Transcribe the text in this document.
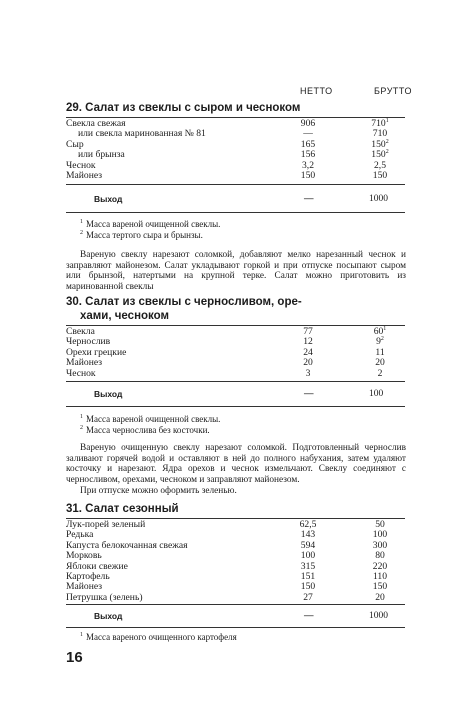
НЕТТО	БРУТТО
29. Салат из свеклы с сыром и чесноком
Свекла свежая	906	$710^1$
или свекла маринованная № 81	—	710
Сыр	165	$150^2$
или брынза	156	$150^2$
Чеснок	3,2	2,5
Майонез	150	150
Выход	—	1000
$^1$ Масса вареной очищенной свеклы.
$^2$ Масса тертого сыра и брынзы.
Вареную свеклу нарезают соломкой, добавляют мелко нарезанный чеснок и заправляют майонезом. Салат укладывают горкой и при отпуске посыпают сыром или брынзой, натертыми на крупной терке. Салат можно приготовить из маринованной свеклы
30. Салат из свеклы с черносливом, оре-
хами, чесноком
Свекла	77	$60^1$
Чернослив	12	$9^2$
Орехи грецкие	24	11
Майонез	20	20
Чеснок	3	2
Выход	—	100
$^1$ Масса вареной очищенной свеклы.
$^2$ Масса чернослива без косточки.
Вареную очищенную свеклу нарезают соломкой. Подготовленный чернослив заливают горячей водой и оставляют в ней до полного набухания, затем удаляют косточку и нарезают. Ядра орехов и чеснок измельчают. Свеклу соединяют с черносливом, орехами, чесноком и заправляют майонезом.
При отпуске можно оформить зеленью.
31. Салат сезонный
Лук-порей зеленый	62,5	50
Редька	143	100
Капуста белокочанная свежая	594	300
Морковь	100	80
Яблоки свежие	315	220
Картофель	151	110
Майонез	150	150
Петрушка (зелень)	27	20
Выход	—	1000
$^1$ Масса вареного очищенного картофеля
16
